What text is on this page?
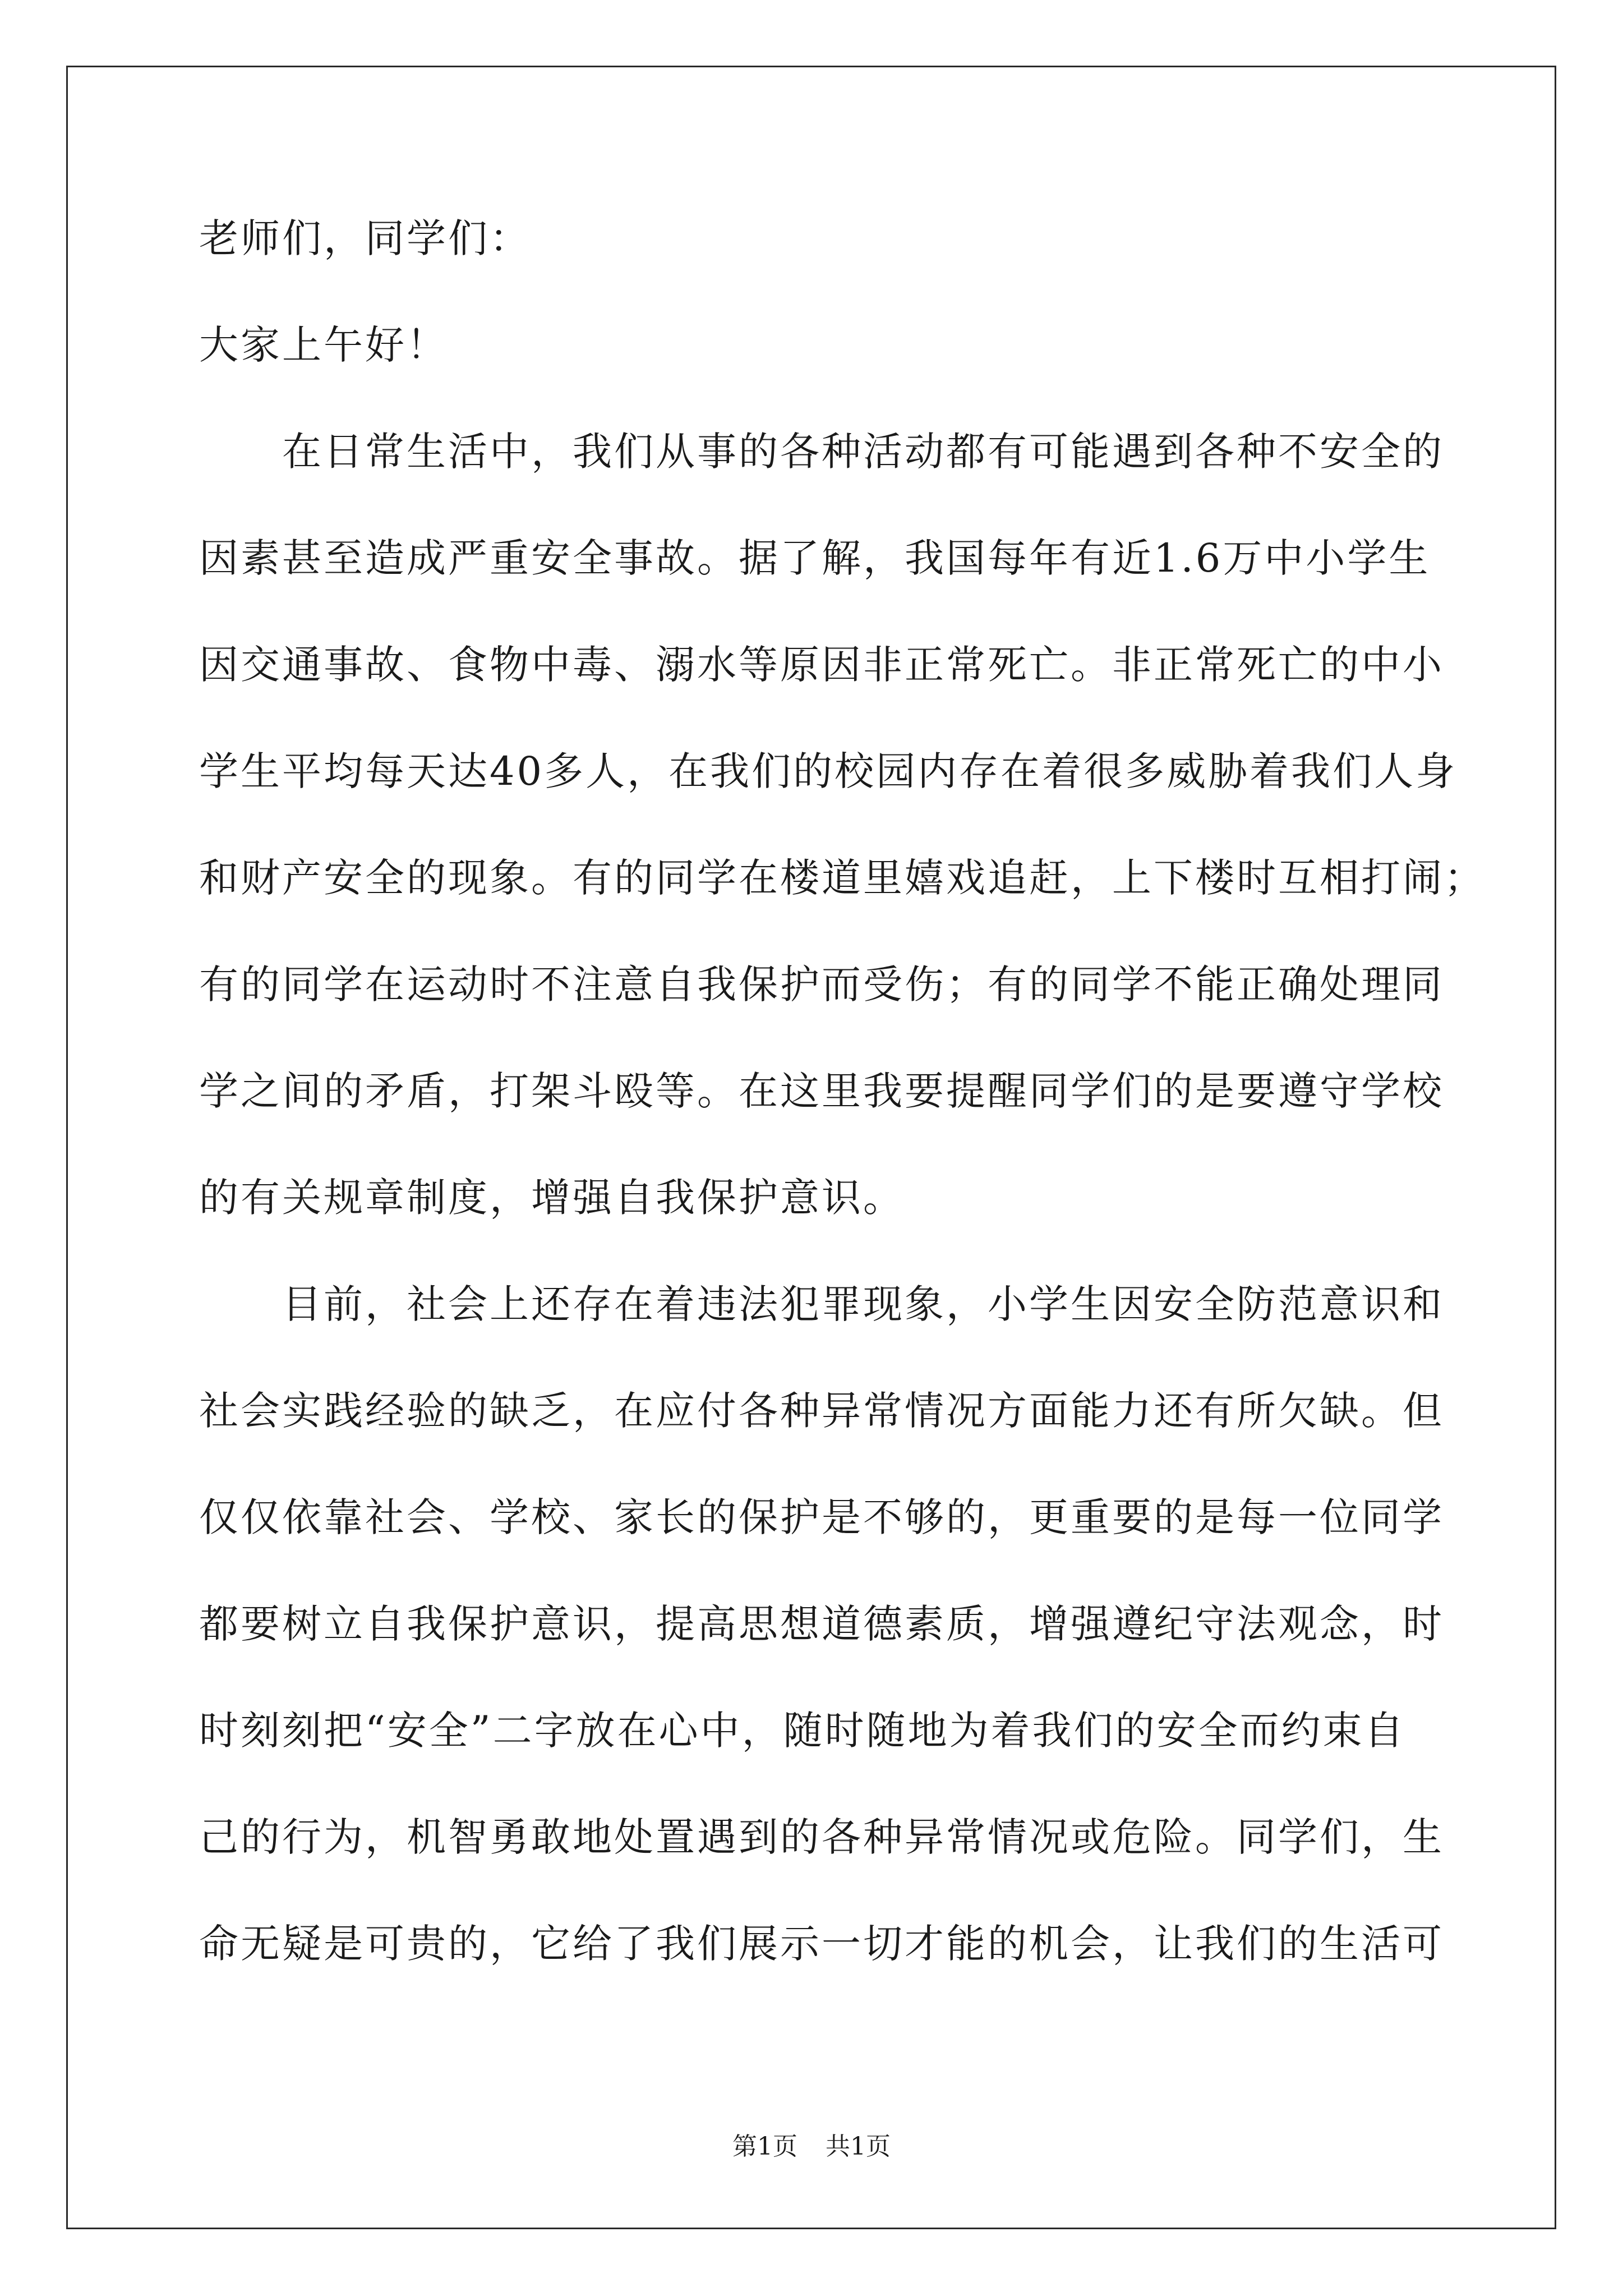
老师们，同学们：
大家上午好！
　　在日常生活中，我们从事的各种活动都有可能遇到各种不安全的
因素甚至造成严重安全事故。据了解，我国每年有近1.6万中小学生
因交通事故、食物中毒、溺水等原因非正常死亡。非正常死亡的中小
学生平均每天达40多人，在我们的校园内存在着很多威胁着我们人身
和财产安全的现象。有的同学在楼道里嬉戏追赶，上下楼时互相打闹；
有的同学在运动时不注意自我保护而受伤；有的同学不能正确处理同
学之间的矛盾，打架斗殴等。在这里我要提醒同学们的是要遵守学校
的有关规章制度，增强自我保护意识。
　　目前，社会上还存在着违法犯罪现象，小学生因安全防范意识和
社会实践经验的缺乏，在应付各种异常情况方面能力还有所欠缺。但
仅仅依靠社会、学校、家长的保护是不够的，更重要的是每一位同学
都要树立自我保护意识，提高思想道德素质，增强遵纪守法观念，时
时刻刻把“安全”二字放在心中，随时随地为着我们的安全而约束自
己的行为，机智勇敢地处置遇到的各种异常情况或危险。同学们，生
命无疑是可贵的，它给了我们展示一切才能的机会，让我们的生活可
第1页 共1页
